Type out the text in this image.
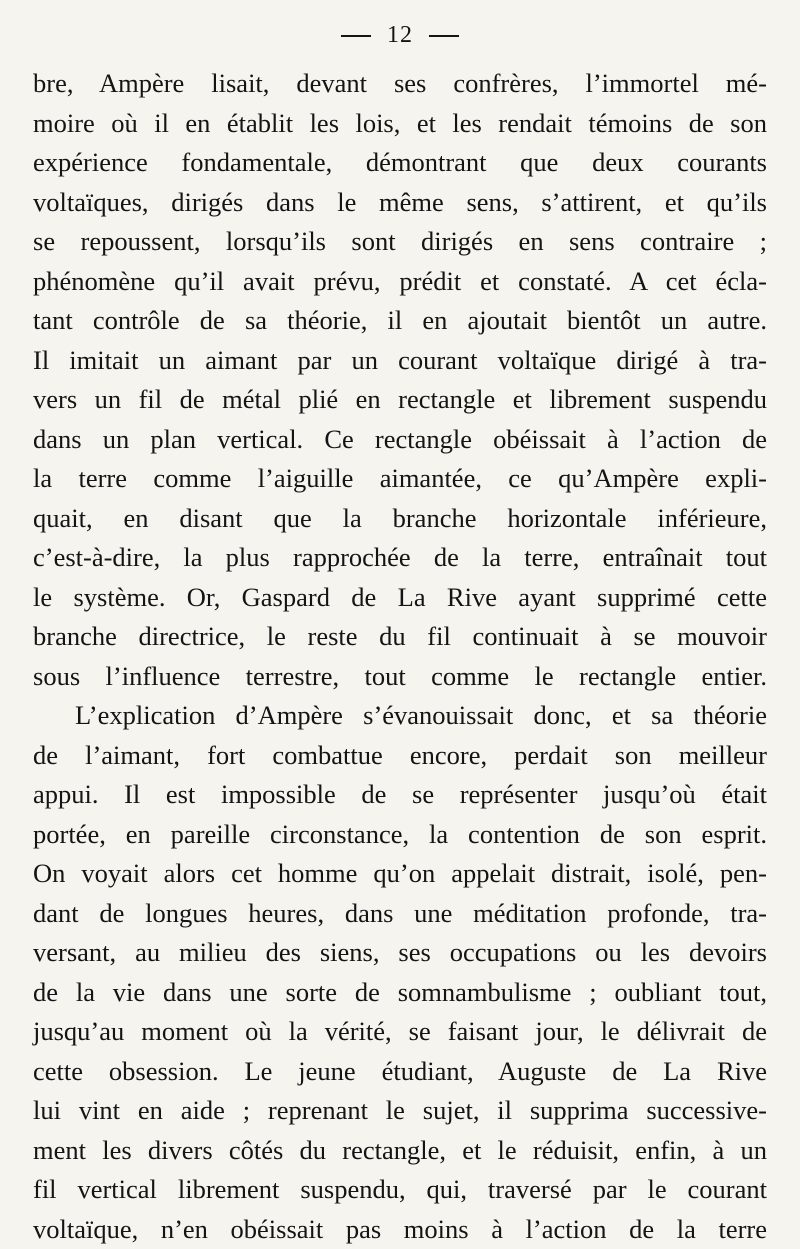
12
bre, Ampère lisait, devant ses confrères, l’immortel mé-
moire où il en établit les lois, et les rendait témoins de son
expérience fondamentale, démontrant que deux courants
voltaïques, dirigés dans le même sens, s’attirent, et qu’ils
se repoussent, lorsqu’ils sont dirigés en sens contraire ;
phénomène qu’il avait prévu, prédit et constaté. A cet écla-
tant contrôle de sa théorie, il en ajoutait bientôt un autre.
Il imitait un aimant par un courant voltaïque dirigé à tra-
vers un fil de métal plié en rectangle et librement suspendu
dans un plan vertical. Ce rectangle obéissait à l’action de
la terre comme l’aiguille aimantée, ce qu’Ampère expli-
quait, en disant que la branche horizontale inférieure,
c’est-à-dire, la plus rapprochée de la terre, entraînait tout
le système. Or, Gaspard de La Rive ayant supprimé cette
branche directrice, le reste du fil continuait à se mouvoir
sous l’influence terrestre, tout comme le rectangle entier.
L’explication d’Ampère s’évanouissait donc, et sa théorie
de l’aimant, fort combattue encore, perdait son meilleur
appui. Il est impossible de se représenter jusqu’où était
portée, en pareille circonstance, la contention de son esprit.
On voyait alors cet homme qu’on appelait distrait, isolé, pen-
dant de longues heures, dans une méditation profonde, tra-
versant, au milieu des siens, ses occupations ou les devoirs
de la vie dans une sorte de somnambulisme ; oubliant tout,
jusqu’au moment où la vérité, se faisant jour, le délivrait de
cette obsession. Le jeune étudiant, Auguste de La Rive
lui vint en aide ; reprenant le sujet, il supprima successive-
ment les divers côtés du rectangle, et le réduisit, enfin, à un
fil vertical librement suspendu, qui, traversé par le courant
voltaïque, n’en obéissait pas moins à l’action de la terre
